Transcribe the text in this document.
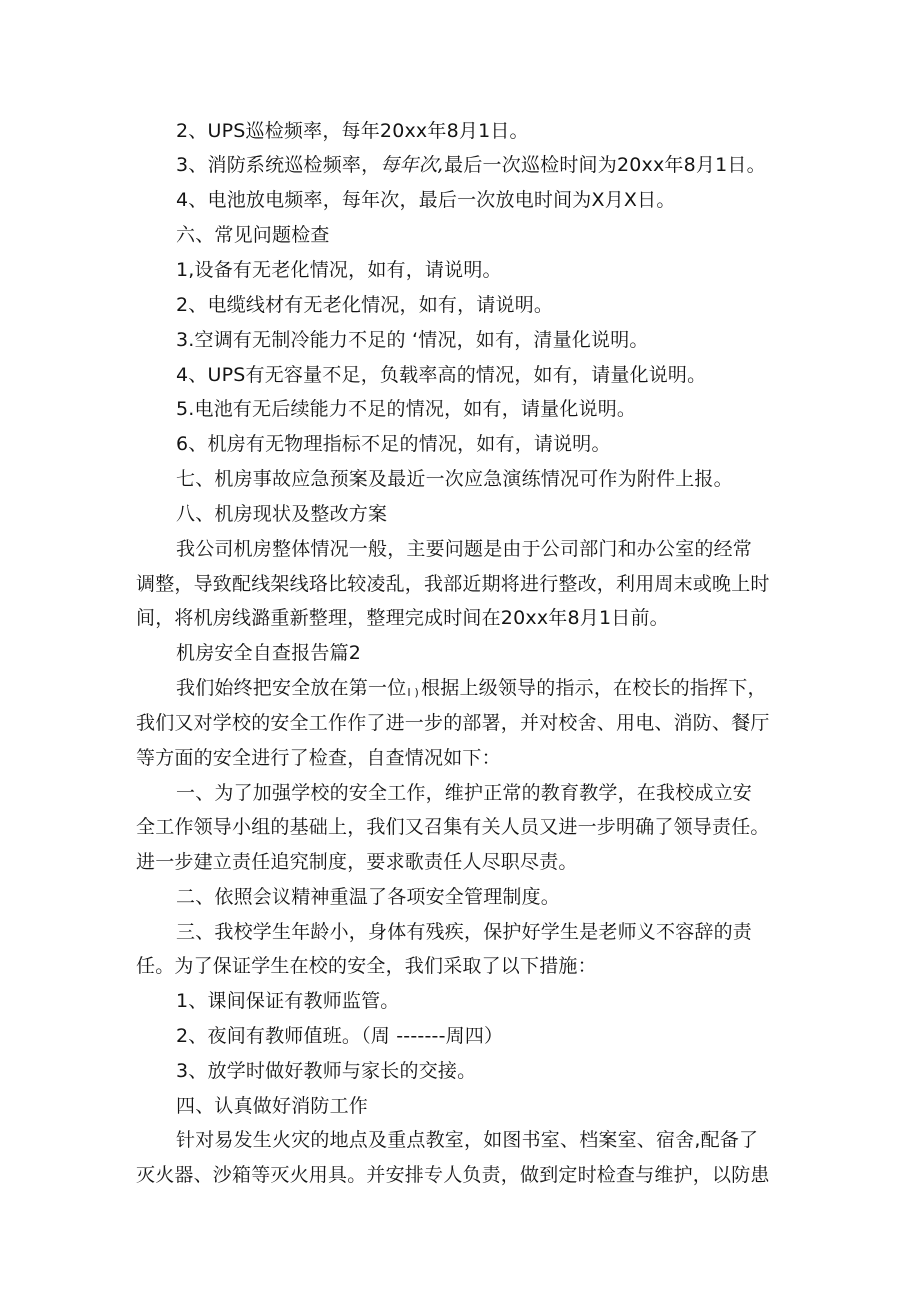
2、UPS巡检频率，每年20xx年8月1日。
3、消防系统巡检频率，每年次,最后一次巡检时间为20xx年8月1日。
4、电池放电频率，每年次，最后一次放电时间为X月X日。
六、常见问题检查
1,设备有无老化情况，如有，请说明。
2、电缆线材有无老化情况，如有，请说明。
3.空调有无制冷能力不足的 ‘情况，如有，清量化说明。
4、UPS有无容量不足，负载率高的情况，如有，请量化说明。
5.电池有无后续能力不足的情况，如有，请量化说明。
6、机房有无物理指标不足的情况，如有，请说明。
七、机房事故应急预案及最近一次应急演练情况可作为附件上报。
八、机房现状及整改方案
我公司机房整体情况一般，主要问题是由于公司部门和办公室的经常
调整，导致配线架线珞比较凌乱，我部近期将进行整改，利用周末或晚上时
间，将机房线潞重新整理，整理完成时间在20xx年8月1日前。
机房安全自查报告篇2
我们始终把安全放在第一位I ) 根据上级领导的指示，在校长的指挥下，
我们又对学校的安全工作作了进一步的部署，并对校舍、用电、消防、餐厅
等方面的安全进行了检查，自查情况如下：
一、为了加强学校的安全工作，维护正常的教育教学，在我校成立安
全工作领导小组的基础上，我们又召集有关人员又进一步明确了领导责任。
进一步建立责任追究制度，要求歌责任人尽职尽责。
二、依照会议精神重温了各项安全管理制度。
三、我校学生年龄小，身体有残疾，保护好学生是老师义不容辞的责
任。为了保证学生在校的安全，我们采取了以下措施：
1、课间保证有教师监管。
2、夜间有教师值班。（周 -------周四）
3、放学时做好教师与家长的交接。
四、认真做好消防工作
针对易发生火灾的地点及重点教室，如图书室、档案室、宿舍,配备了
灭火器、沙箱等灭火用具。并安排专人负责，做到定时检查与维护，以防患
